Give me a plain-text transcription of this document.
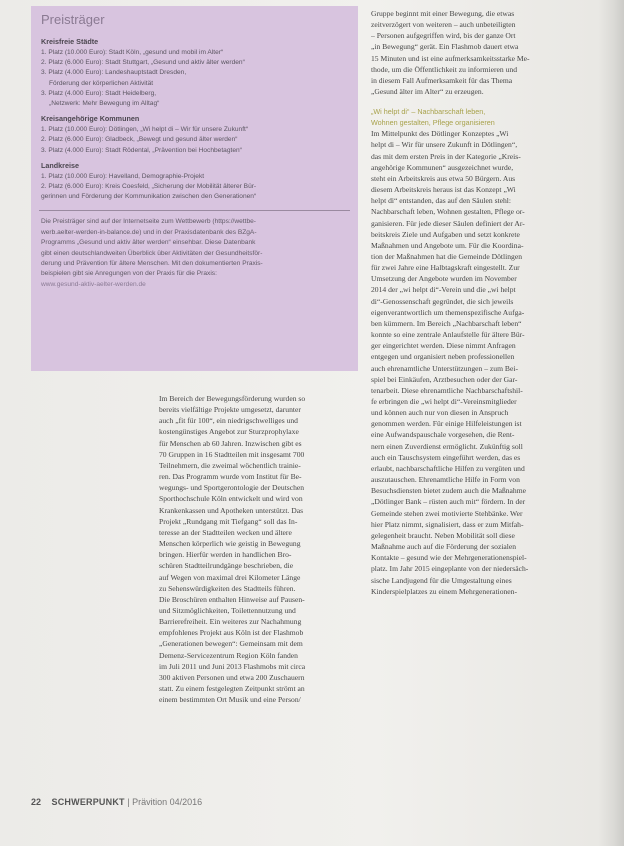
Preisträger
Kreisfreie Städte
1. Platz (10.000 Euro): Stadt Köln, „gesund und mobil im Alter“
2. Platz (6.000 Euro): Stadt Stuttgart, „Gesund und aktiv älter werden“
3. Platz (4.000 Euro): Landeshauptstadt Dresden,
Förderung der körperlichen Aktivität
3. Platz (4.000 Euro): Stadt Heidelberg,
„Netzwerk: Mehr Bewegung im Alltag“
Kreisangehörige Kommunen
1. Platz (10.000 Euro): Dötlingen, „Wi helpt di – Wir für unsere Zukunft“
2. Platz (6.000 Euro): Gladbeck, „Bewegt und gesund älter werden“
3. Platz (4.000 Euro): Stadt Rödental, „Prävention bei Hochbetagten“
Landkreise
1. Platz (10.000 Euro): Havelland, Demographie-Projekt
2. Platz (6.000 Euro): Kreis Coesfeld, „Sicherung der Mobilität älterer Bür-
gerinnen und Förderung der Kommunikation zwischen den Generationen“
Die Preisträger sind auf der Internetseite zum Wettbewerb (https://wettbe-
werb.aelter-werden-in-balance.de) und in der Praxisdatenbank des BZgA-
Programms „Gesund und aktiv älter werden“ einsehbar. Diese Datenbank
gibt einen deutschlandweiten Überblick über Aktivitäten der Gesundheitsför-
derung und Prävention für ältere Menschen. Mit den dokumentierten Praxis-
beispielen gibt sie Anregungen von der Praxis für die Praxis:
www.gesund-aktiv-aelter-werden.de
Im Bereich der Bewegungsförderung wurden so
bereits vielfältige Projekte umgesetzt, darunter
auch „fit für 100“, ein niedrigschwelliges und
kostengünstiges Angebot zur Sturzprophylaxe
für Menschen ab 60 Jahren. Inzwischen gibt es
70 Gruppen in 16 Stadtteilen mit insgesamt 700
Teilnehmern, die zweimal wöchentlich trainie-
ren. Das Programm wurde vom Institut für Be-
wegungs- und Sportgerontologie der Deutschen
Sporthochschule Köln entwickelt und wird von
Krankenkassen und Apotheken unterstützt. Das
Projekt „Rundgang mit Tiefgang“ soll das In-
teresse an der Stadtteilen wecken und ältere
Menschen körperlich wie geistig in Bewegung
bringen. Hierfür werden in handlichen Bro-
schüren Stadtteilrundgänge beschrieben, die
auf Wegen von maximal drei Kilometer Länge
zu Sehenswürdigkeiten des Stadtteils führen.
Die Broschüren enthalten Hinweise auf Pausen-
und Sitzmöglichkeiten, Toilettennutzung und
Barrierefreiheit. Ein weiteres zur Nachahmung
empfohlenes Projekt aus Köln ist der Flashmob
„Generationen bewegen“: Gemeinsam mit dem
Demenz-Servicezentrum Region Köln fanden
im Juli 2011 und Juni 2013 Flashmobs mit circa
300 aktiven Personen und etwa 200 Zuschauern
statt. Zu einem festgelegten Zeitpunkt strömt an
einem bestimmten Ort Musik und eine Person/
Gruppe beginnt mit einer Bewegung, die etwas
zeitverzögert von weiteren – auch unbeteiligten
– Personen aufgegriffen wird, bis der ganze Ort
„in Bewegung“ gerät. Ein Flashmob dauert etwa
15 Minuten und ist eine aufmerksamkeitsstarke Me-
thode, um die Öffentlichkeit zu informieren und
in diesem Fall Aufmerksamkeit für das Thema
„Gesund älter im Alter“ zu erzeugen.
„Wi helpt di“ – Nachbarschaft leben,
Wohnen gestalten, Pflege organisieren
Im Mittelpunkt des Dötlinger Konzeptes „Wi
helpt di – Wir für unsere Zukunft in Dötlingen“,
das mit dem ersten Preis in der Kategorie „Kreis-
angehörige Kommunen“ ausgezeichnet wurde,
steht ein Arbeitskreis aus etwa 50 Bürgern. Aus
diesem Arbeitskreis heraus ist das Konzept „Wi
helpt di“ entstanden, das auf den Säulen stehl:
Nachbarschaft leben, Wohnen gestalten, Pflege or-
ganisieren. Für jede dieser Säulen definiert der Ar-
beitskreis Ziele und Aufgaben und setzt konkrete
Maßnahmen und Angebote um. Für die Koordina-
tion der Maßnahmen hat die Gemeinde Dötlingen
für zwei Jahre eine Halbtagskraft eingestellt. Zur
Umsetzung der Angebote wurden im November
2014 der „wi helpt di“-Verein und die „wi helpt
di“-Genossenschaft gegründet, die sich jeweils
eigenverantwortlich um themenspezifische Aufga-
ben kümmern. Im Bereich „Nachbarschaft leben“
konnte so eine zentrale Anlaufstelle für ältere Bür-
ger eingerichtet werden. Diese nimmt Anfragen
entgegen und organisiert neben professionellen
auch ehrenamtliche Unterstützungen – zum Bei-
spiel bei Einkäufen, Arztbesuchen oder der Gar-
tenarbeit. Diese ehrenamtliche Nachbarschaftshil-
fe erbringen die „wi helpt di“-Vereinsmitglieder
und können auch nur von diesen in Anspruch
genommen werden. Für einige Hilfeleistungen ist
eine Aufwandspauschale vorgesehen, die Rent-
nern einen Zuverdienst ermöglicht. Zukünftig soll
auch ein Tauschsystem eingeführt werden, das es
erlaubt, nachbarschaftliche Hilfen zu vergüten und
auszutauschen. Ehrenamtliche Hilfe in Form von
Besuchsdiensten bietet zudem auch die Maßnahme
„Dötlinger Bank – rüsten auch mit“ fördern. In der
Gemeinde stehen zwei motivierte Stehbänke. Wer
hier Platz nimmt, signalisiert, dass er zum Mitfah-
gelegenheit braucht. Neben Mobilität soll diese
Maßnahme auch auf die Förderung der sozialen
Kontakte – gesund wie der Mehrgenerationenspiel-
platz. Im Jahr 2015 eingeplante von der niedersäch-
sische Landjugend für die Umgestaltung eines
Kinderspielplatzes zu einem Mehrgenerationen-
22 SCHWERPUNKT | Prävition 04/2016
